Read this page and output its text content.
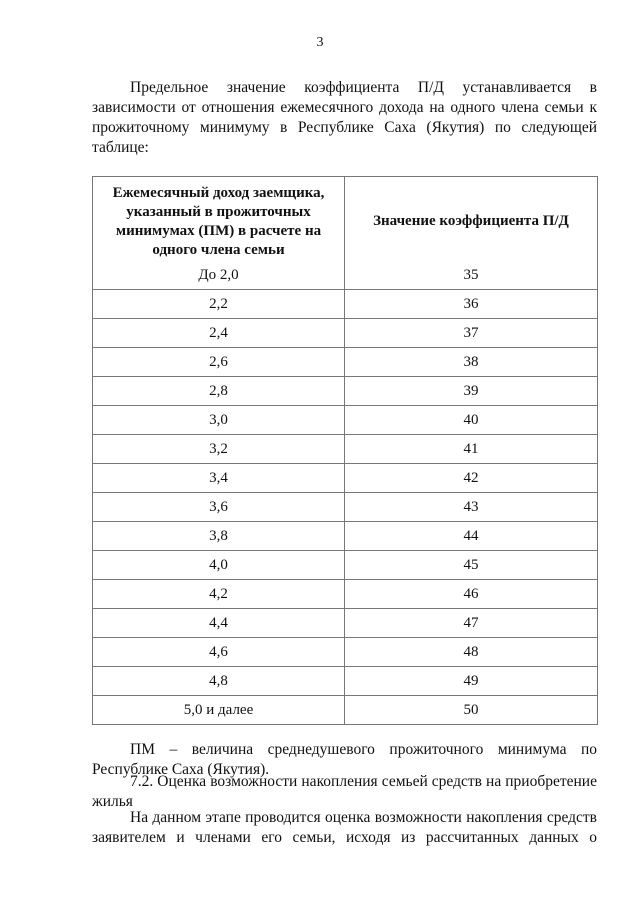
3
Предельное значение коэффициента П/Д устанавливается в
зависимости от отношения ежемесячного дохода на одного члена семьи к
прожиточному минимуму в Республике Саха (Якутия) по следующей
таблице:
Ежемесячный доход заемщика, указанный в прожиточных минимумах (ПМ) в расчете на одного члена семьи	Значение коэффициента П/Д
До 2,0	35
2,2	36
2,4	37
2,6	38
2,8	39
3,0	40
3,2	41
3,4	42
3,6	43
3,8	44
4,0	45
4,2	46
4,4	47
4,6	48
4,8	49
5,0 и далее	50
ПМ – величина среднедушевого прожиточного минимума по
Республике Саха (Якутия).
7.2. Оценка возможности накопления семьей средств на приобретение
жилья
На данном этапе проводится оценка возможности накопления средств
заявителем и членами его семьи, исходя из рассчитанных данных о
